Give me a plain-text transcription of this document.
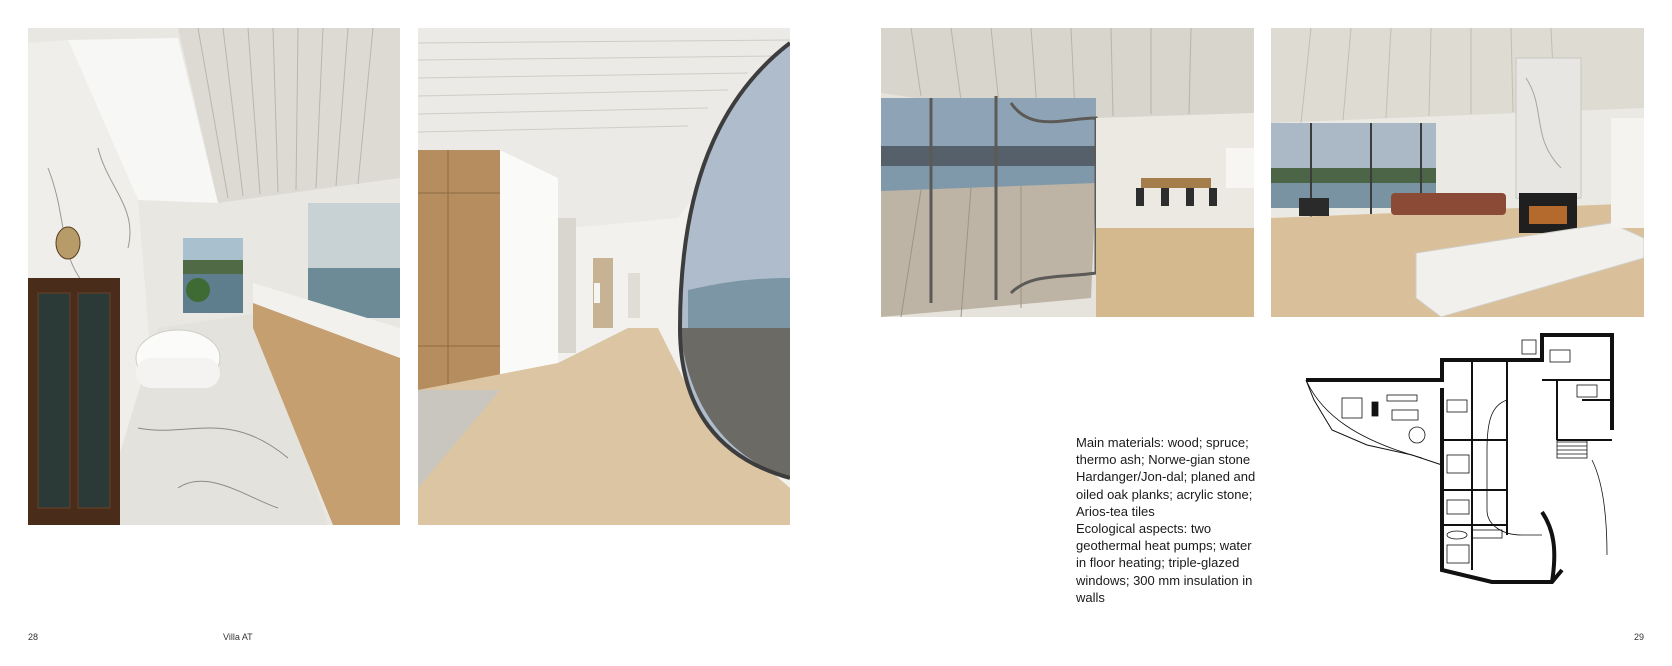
Main materials: wood; spruce; thermo ash; Norwe-gian stone Hardanger/Jon-dal; planed and oiled oak planks; acrylic stone; Arios-tea tiles

Ecological aspects: two geothermal heat pumps; water in floor heating; triple-glazed windows; 300 mm insulation in walls

28	Villa AT	29
